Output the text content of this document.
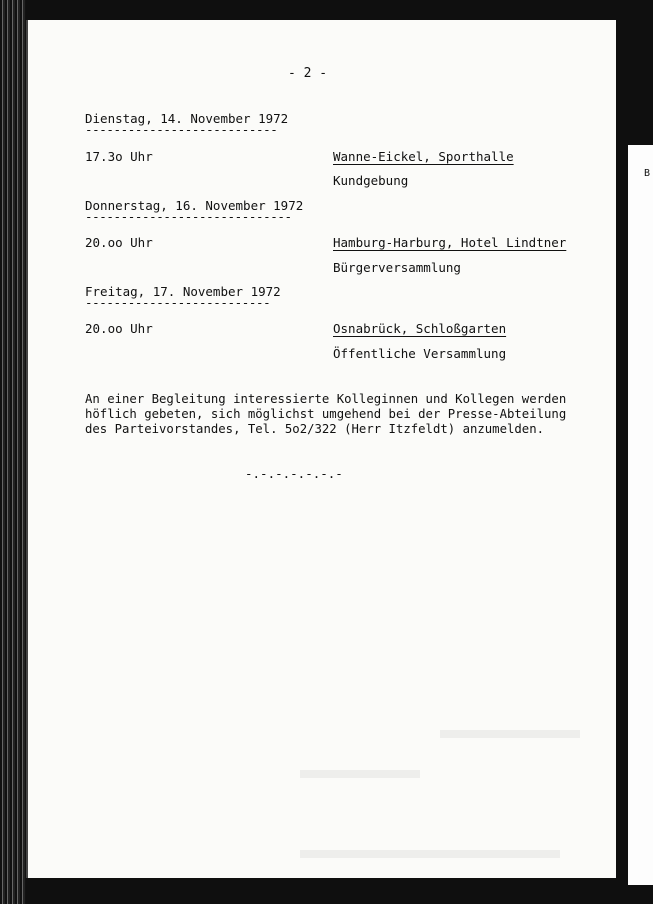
B
- 2 -
Dienstag, 14. November 1972
---------------------------
17.3o Uhr	Wanne-Eickel, Sporthalle
Kundgebung
Donnerstag, 16. November 1972
-----------------------------
20.oo Uhr	Hamburg-Harburg, Hotel Lindtner
Bürgerversammlung
Freitag, 17. November 1972
--------------------------
20.oo Uhr	Osnabrück, Schloßgarten
Öffentliche Versammlung
An einer Begleitung interessierte Kolleginnen und Kollegen werden
höflich gebeten, sich möglichst umgehend bei der Presse-Abteilung
des Parteivorstandes, Tel. 5o2/322 (Herr Itzfeldt) anzumelden.
-.-.-.-.-.-.-
